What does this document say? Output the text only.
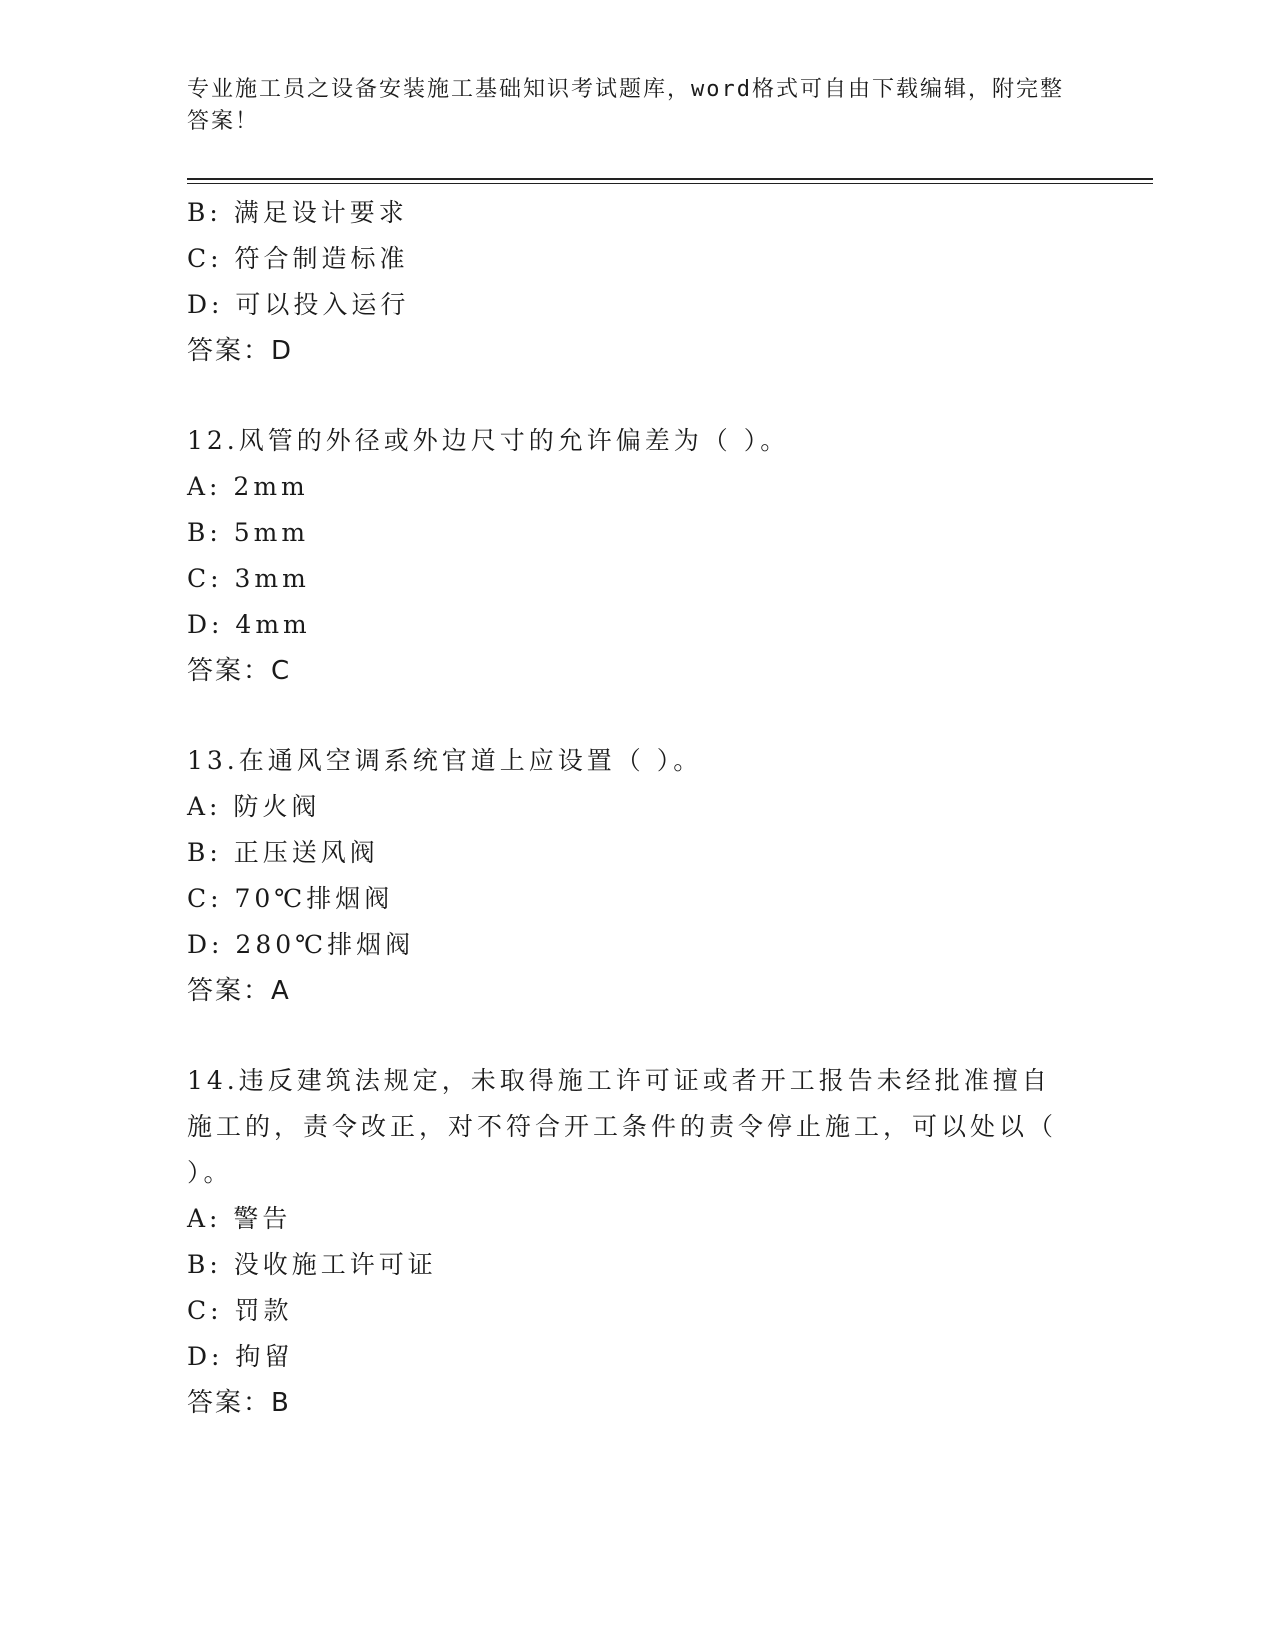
专业施工员之设备安装施工基础知识考试题库，word格式可自由下载编辑，附完整答案！
B: 满足设计要求
C: 符合制造标准
D: 可以投入运行
答案：D
12.风管的外径或外边尺寸的允许偏差为（ ）。
A: 2mm
B: 5mm
C: 3mm
D: 4mm
答案：C
13.在通风空调系统官道上应设置（ ）。
A: 防火阀
B: 正压送风阀
C: 70℃排烟阀
D: 280℃排烟阀
答案：A
14.违反建筑法规定，未取得施工许可证或者开工报告未经批准擅自施工的，责令改正，对不符合开工条件的责令停止施工，可以处以（ ）。
A: 警告
B: 没收施工许可证
C: 罚款
D: 拘留
答案：B
